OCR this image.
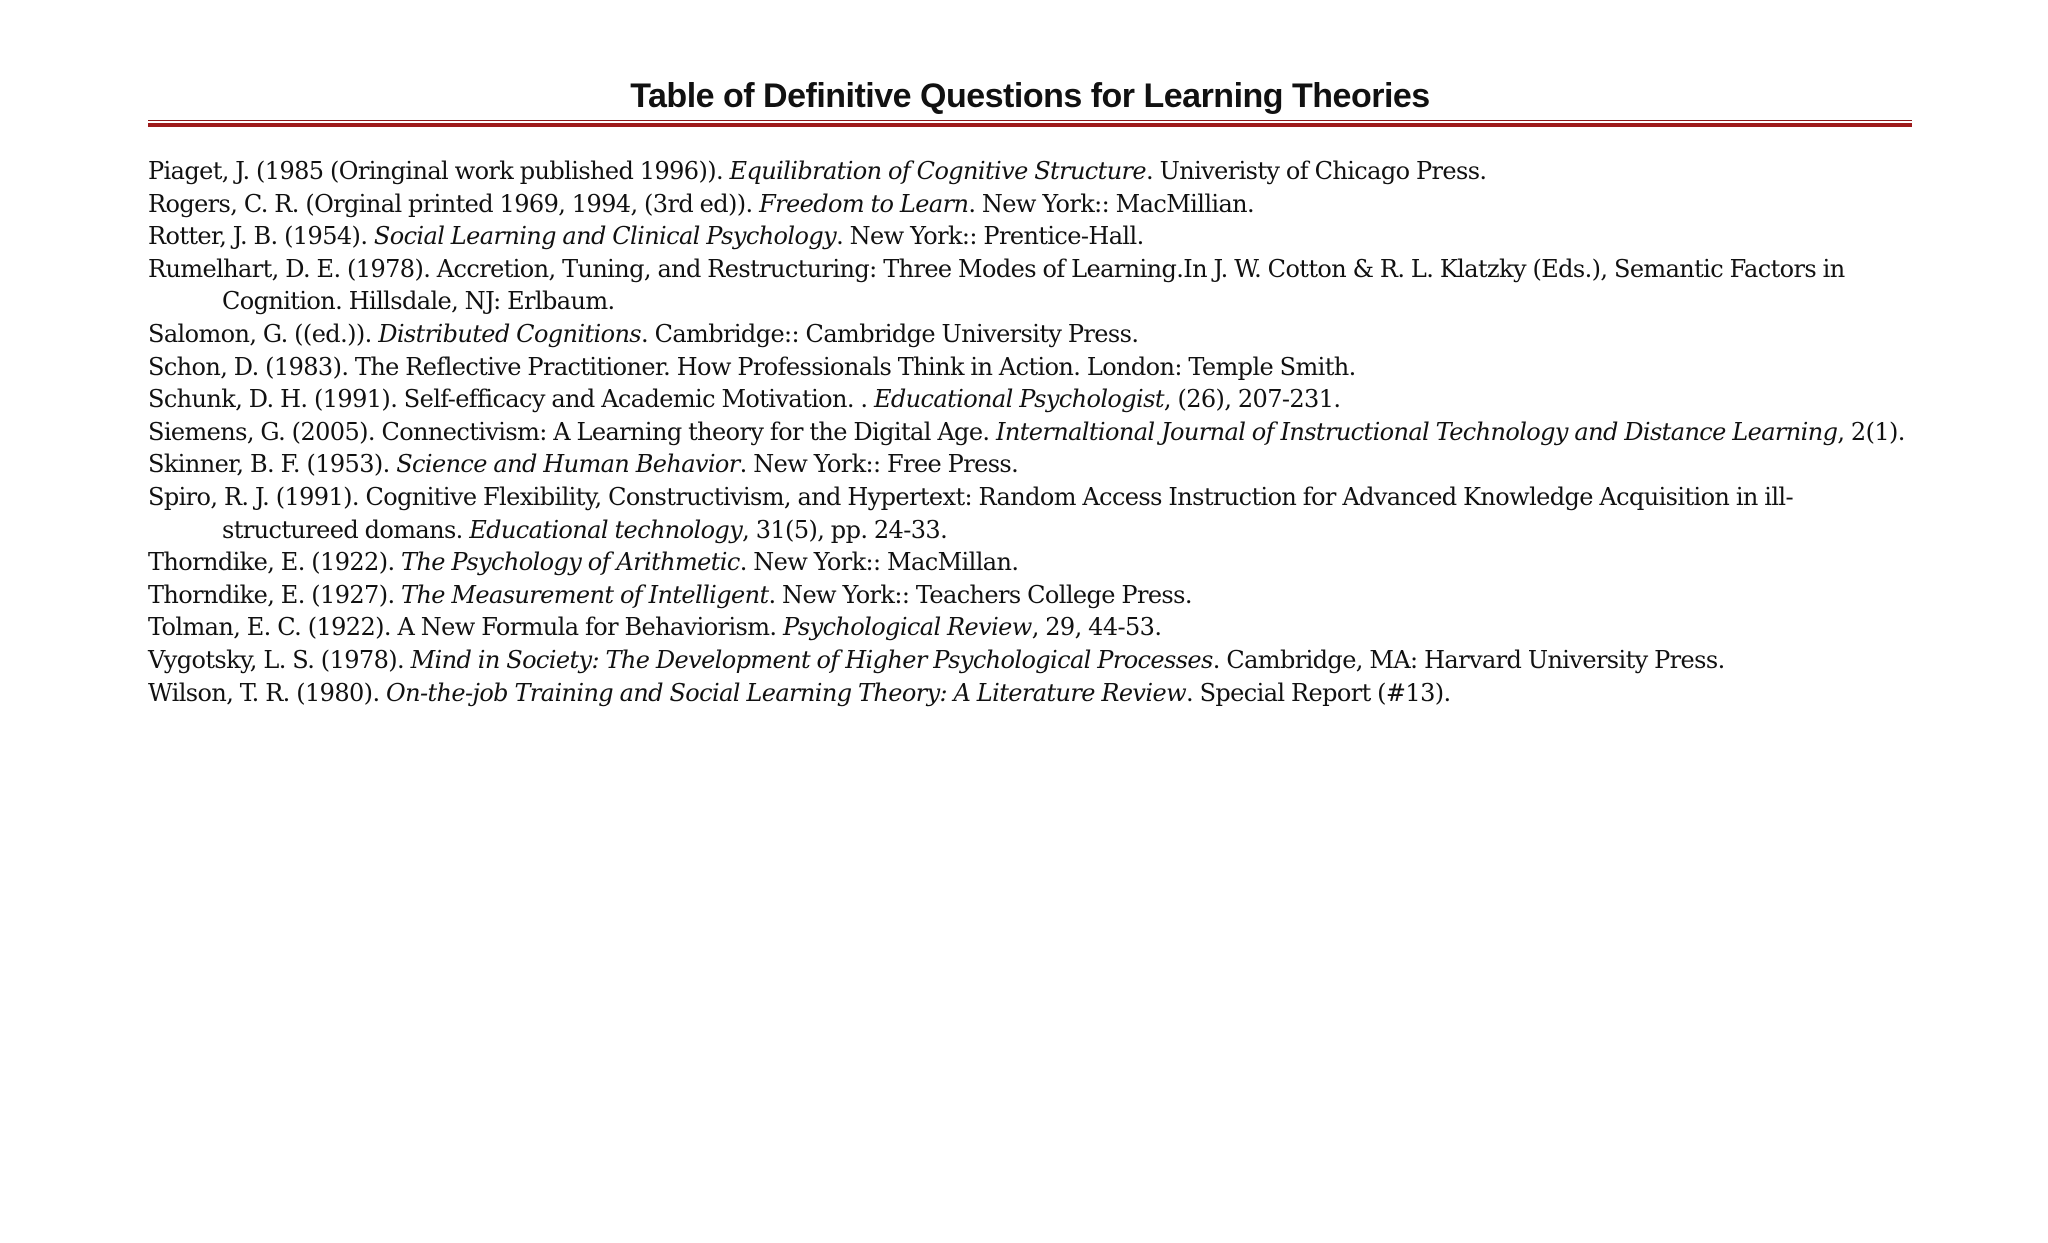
Table of Definitive Questions for Learning Theories
Piaget, J. (1985 (Oringinal work published 1996)). Equilibration of Cognitive Structure. Univeristy of Chicago Press.
Rogers, C. R. (Orginal printed 1969, 1994, (3rd ed)). Freedom to Learn. New York:: MacMillian.
Rotter, J. B. (1954). Social Learning and Clinical Psychology. New York:: Prentice-Hall.
Rumelhart, D. E. (1978). Accretion, Tuning, and Restructuring: Three Modes of Learning.In J. W. Cotton & R. L. Klatzky (Eds.), Semantic Factors in Cognition. Hillsdale, NJ: Erlbaum.
Salomon, G. ((ed.)). Distributed Cognitions. Cambridge:: Cambridge University Press.
Schon, D. (1983). The Reflective Practitioner. How Professionals Think in Action. London: Temple Smith.
Schunk, D. H. (1991). Self-efficacy and Academic Motivation. . Educational Psychologist, (26), 207-231.
Siemens, G. (2005). Connectivism: A Learning theory for the Digital Age. Internaltional Journal of Instructional Technology and Distance Learning, 2(1).
Skinner, B. F. (1953). Science and Human Behavior. New York:: Free Press.
Spiro, R. J. (1991). Cognitive Flexibility, Constructivism, and Hypertext: Random Access Instruction for Advanced Knowledge Acquisition in ill-structureed domans. Educational technology, 31(5), pp. 24-33.
Thorndike, E. (1922). The Psychology of Arithmetic. New York:: MacMillan.
Thorndike, E. (1927). The Measurement of Intelligent. New York:: Teachers College Press.
Tolman, E. C. (1922). A New Formula for Behaviorism. Psychological Review, 29, 44-53.
Vygotsky, L. S. (1978). Mind in Society: The Development of Higher Psychological Processes. Cambridge, MA: Harvard University Press.
Wilson, T. R. (1980). On-the-job Training and Social Learning Theory: A Literature Review. Special Report (#13).
